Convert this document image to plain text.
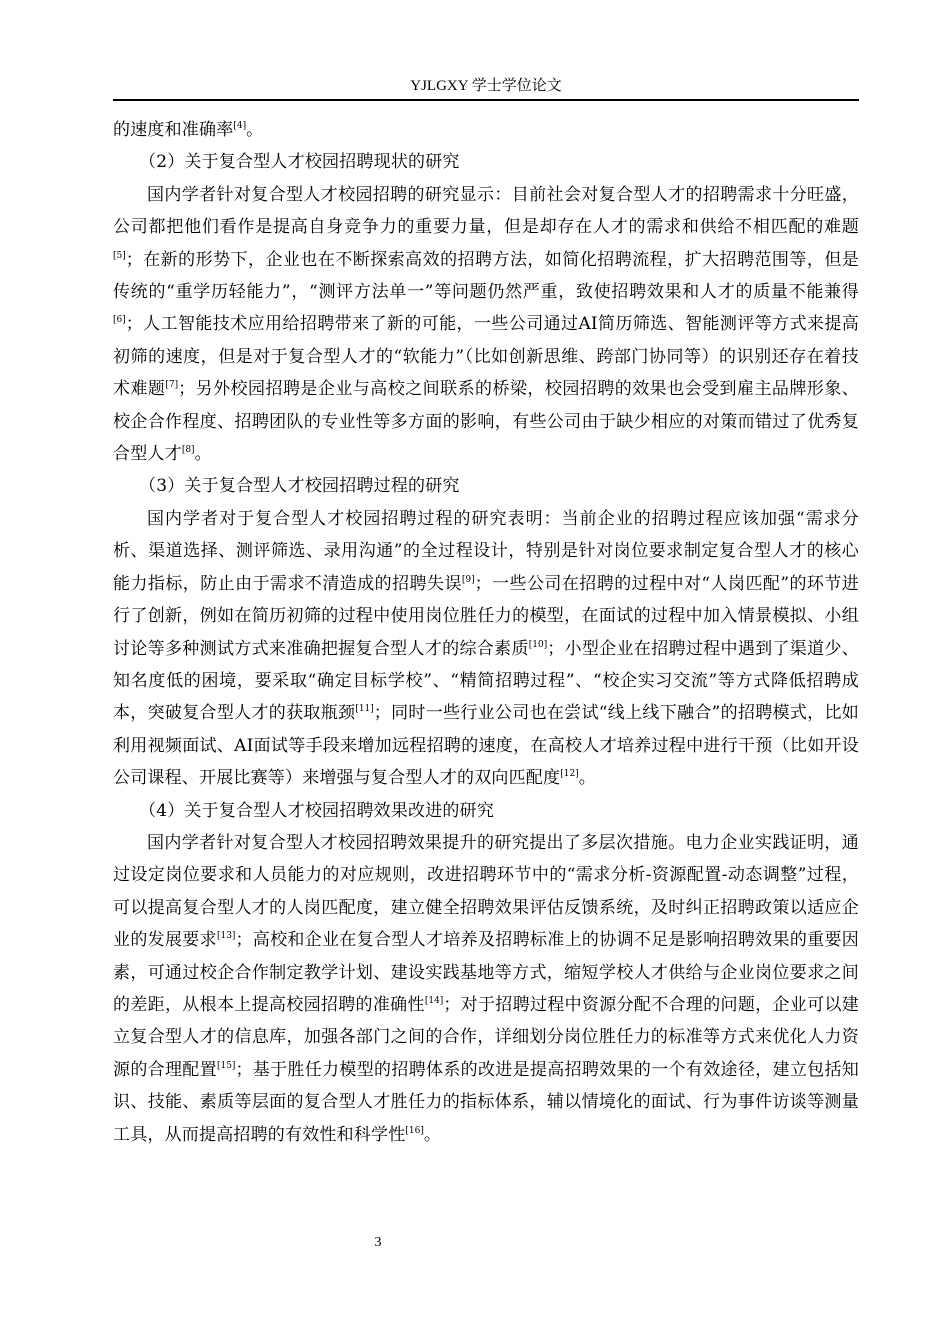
YJLGXY 学士学位论文

的速度和准确率[4]。

（2）关于复合型人才校园招聘现状的研究

国内学者针对复合型人才校园招聘的研究显示：目前社会对复合型人才的招聘需求十分旺盛，公司都把他们看作是提高自身竞争力的重要力量，但是却存在人才的需求和供给不相匹配的难题[5]；在新的形势下，企业也在不断探索高效的招聘方法，如简化招聘流程，扩大招聘范围等，但是传统的“重学历轻能力”，“测评方法单一”等问题仍然严重，致使招聘效果和人才的质量不能兼得[6]；人工智能技术应用给招聘带来了新的可能，一些公司通过AI简历筛选、智能测评等方式来提高初筛的速度，但是对于复合型人才的“软能力”（比如创新思维、跨部门协同等）的识别还存在着技术难题[7]；另外校园招聘是企业与高校之间联系的桥梁，校园招聘的效果也会受到雇主品牌形象、校企合作程度、招聘团队的专业性等多方面的影响，有些公司由于缺少相应的对策而错过了优秀复合型人才[8]。

（3）关于复合型人才校园招聘过程的研究

国内学者对于复合型人才校园招聘过程的研究表明：当前企业的招聘过程应该加强“需求分析、渠道选择、测评筛选、录用沟通”的全过程设计，特别是针对岗位要求制定复合型人才的核心能力指标，防止由于需求不清造成的招聘失误[9]；一些公司在招聘的过程中对“人岗匹配”的环节进行了创新，例如在简历初筛的过程中使用岗位胜任力的模型，在面试的过程中加入情景模拟、小组讨论等多种测试方式来准确把握复合型人才的综合素质[10]；小型企业在招聘过程中遇到了渠道少、知名度低的困境，要采取“确定目标学校”、“精简招聘过程”、“校企实习交流”等方式降低招聘成本，突破复合型人才的获取瓶颈[11]；同时一些行业公司也在尝试“线上线下融合”的招聘模式，比如利用视频面试、AI面试等手段来增加远程招聘的速度，在高校人才培养过程中进行干预（比如开设公司课程、开展比赛等）来增强与复合型人才的双向匹配度[12]。

（4）关于复合型人才校园招聘效果改进的研究

国内学者针对复合型人才校园招聘效果提升的研究提出了多层次措施。电力企业实践证明，通过设定岗位要求和人员能力的对应规则，改进招聘环节中的“需求分析-资源配置-动态调整”过程，可以提高复合型人才的人岗匹配度，建立健全招聘效果评估反馈系统，及时纠正招聘政策以适应企业的发展要求[13]；高校和企业在复合型人才培养及招聘标准上的协调不足是影响招聘效果的重要因素，可通过校企合作制定教学计划、建设实践基地等方式，缩短学校人才供给与企业岗位要求之间的差距，从根本上提高校园招聘的准确性[14]；对于招聘过程中资源分配不合理的问题，企业可以建立复合型人才的信息库，加强各部门之间的合作，详细划分岗位胜任力的标准等方式来优化人力资源的合理配置[15]；基于胜任力模型的招聘体系的改进是提高招聘效果的一个有效途径，建立包括知识、技能、素质等层面的复合型人才胜任力的指标体系，辅以情境化的面试、行为事件访谈等测量工具，从而提高招聘的有效性和科学性[16]。

3
